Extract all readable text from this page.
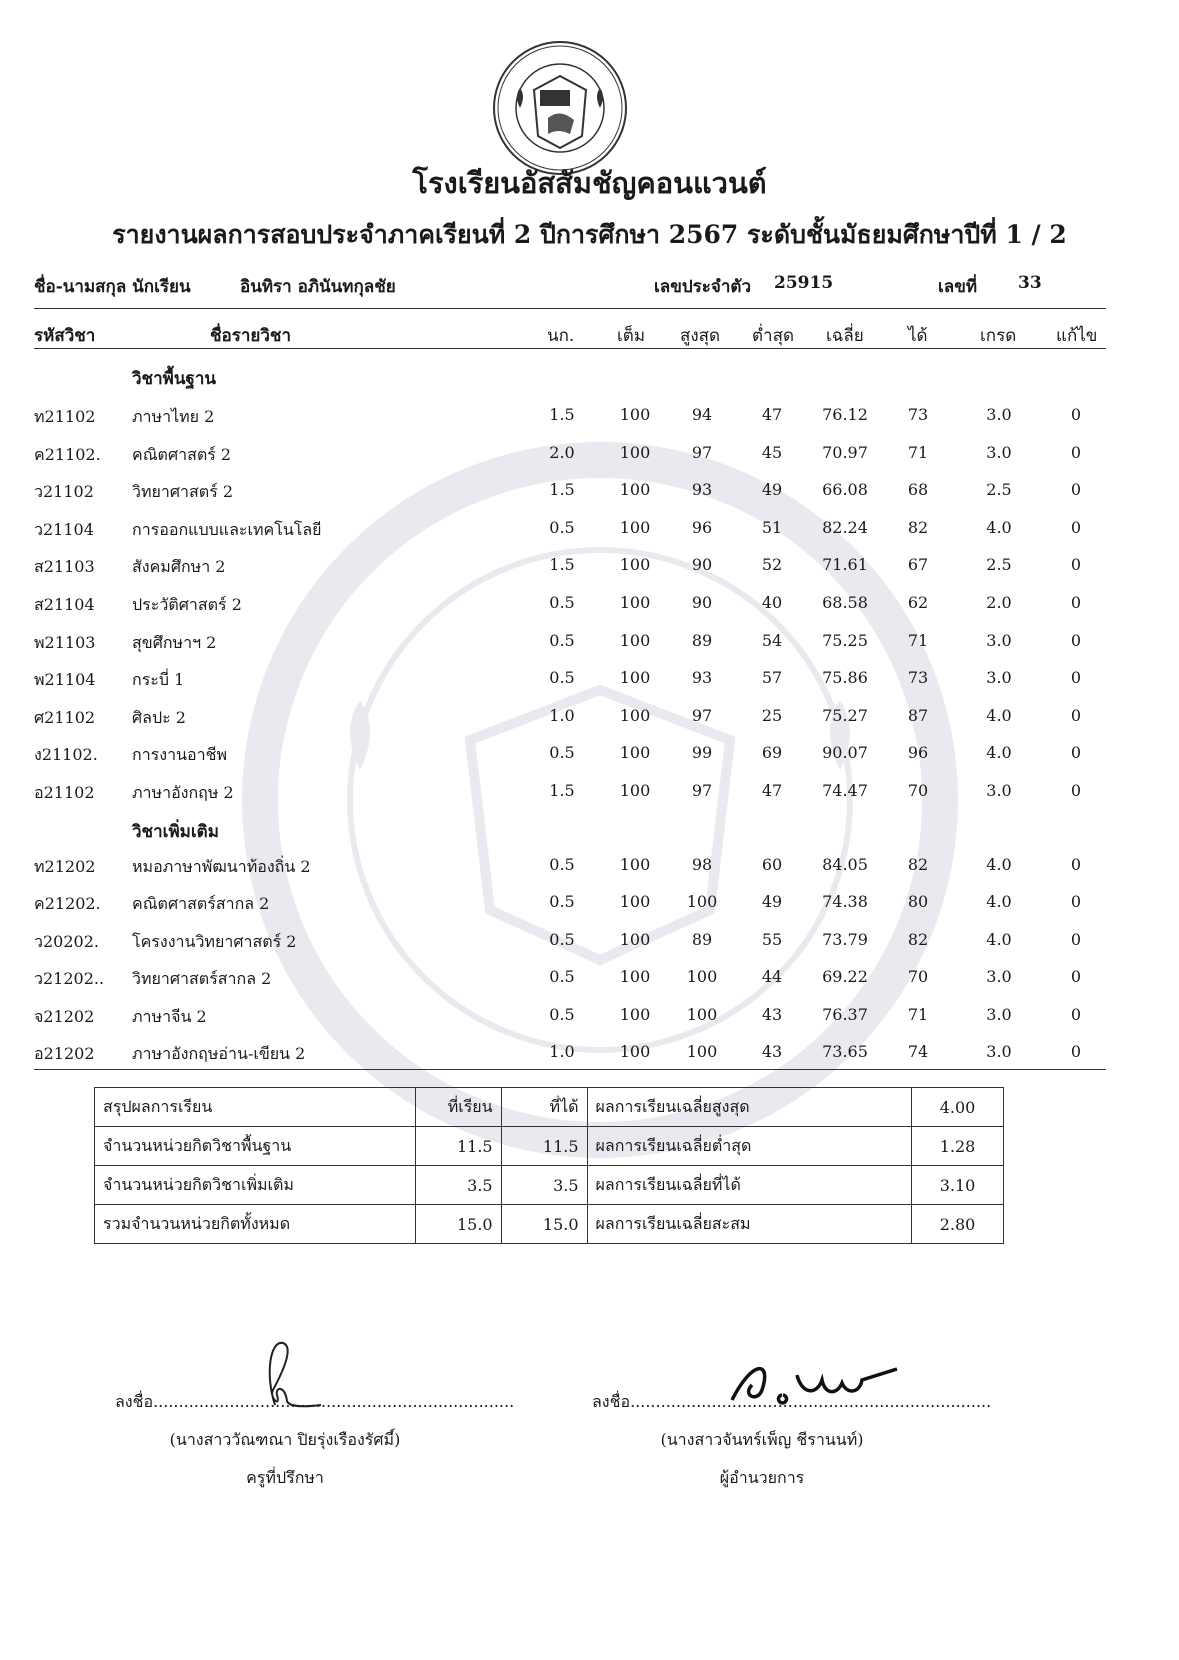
โรงเรียนอัสสัมชัญคอนแวนต์
รายงานผลการสอบประจำภาคเรียนที่ 2 ปีการศึกษา 2567 ระดับชั้นมัธยมศึกษาปีที่ 1 / 2
ชื่อ-นามสกุล นักเรียน	อินทิรา อภินันทกุลชัย	เลขประจำตัว 25915	เลขที่ 33
รหัสวิชา	ชื่อรายวิชา	นก.	เต็ม สูงสุด ต่ำสุด เฉลี่ย	ได้	เกรด แก้ไข
วิชาพื้นฐาน
ท21102 ภาษาไทย 2	1.5	100	94	47	76.12	73	3.0	0
ค21102. คณิตศาสตร์ 2	2.0	100	97	45	70.97	71	3.0	0
ว21102 วิทยาศาสตร์ 2	1.5	100	93	49	66.08	68	2.5	0
ว21104 การออกแบบและเทคโนโลยี	0.5	100	96	51	82.24	82	4.0	0
ส21103 สังคมศึกษา 2	1.5	100	90	52	71.61	67	2.5	0
ส21104 ประวัติศาสตร์ 2	0.5	100	90	40	68.58	62	2.0	0
พ21103 สุขศึกษาฯ 2	0.5	100	89	54	75.25	71	3.0	0
พ21104 กระบี่ 1	0.5	100	93	57	75.86	73	3.0	0
ศ21102 ศิลปะ 2	1.0	100	97	25	75.27	87	4.0	0
ง21102. การงานอาชีพ	0.5	100	99	69	90.07	96	4.0	0
อ21102 ภาษาอังกฤษ 2	1.5	100	97	47	74.47	70	3.0	0
วิชาเพิ่มเติม
ท21202 หมอภาษาพัฒนาท้องถิ่น 2	0.5	100	98	60	84.05	82	4.0	0
ค21202. คณิตศาสตร์สากล 2	0.5	100	100	49	74.38	80	4.0	0
ว20202. โครงงานวิทยาศาสตร์ 2	0.5	100	89	55	73.79	82	4.0	0
ว21202.. วิทยาศาสตร์สากล 2	0.5	100	100	44	69.22	70	3.0	0
จ21202 ภาษาจีน 2	0.5	100	100	43	76.37	71	3.0	0
อ21202 ภาษาอังกฤษอ่าน-เขียน 2	1.0	100	100	43	73.65	74	3.0	0
สรุปผลการเรียน	ที่เรียน	ที่ได้	ผลการเรียนเฉลี่ยสูงสุด	4.00
จำนวนหน่วยกิตวิชาพื้นฐาน	11.5	11.5	ผลการเรียนเฉลี่ยต่ำสุด	1.28
จำนวนหน่วยกิตวิชาเพิ่มเติม	3.5	3.5	ผลการเรียนเฉลี่ยที่ได้	3.10
รวมจำนวนหน่วยกิตทั้งหมด	15.0	15.0	ผลการเรียนเฉลี่ยสะสม	2.80
ลงชื่อ.......................................................................
(นางสาววัณฑณา ปิยรุ่งเรืองรัศมี์)
ครูที่ปรึกษา
ลงชื่อ.......................................................................
(นางสาวจันทร์เพ็ญ ชีรานนท์)
ผู้อำนวยการ
